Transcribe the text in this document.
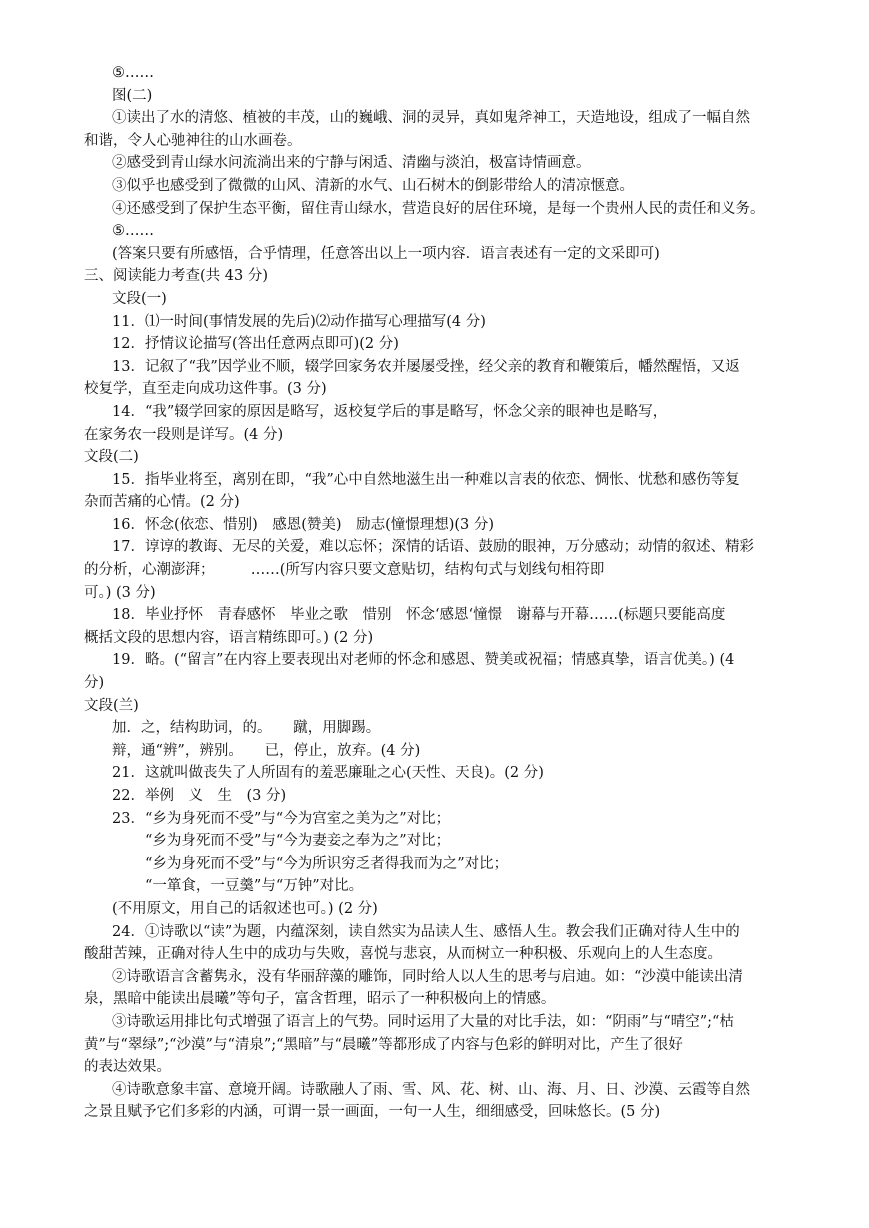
⑤……
图(二)
①读出了水的清悠、植被的丰茂，山的巍峨、洞的灵异，真如鬼斧神工，天造地设，组成了一幅自然
和谐，令人心驰神往的山水画卷。
②感受到青山绿水问流淌出来的宁静与闲适、清幽与淡泊，极富诗情画意。
③似乎也感受到了微微的山风、清新的水气、山石树木的倒影带给人的清凉惬意。
④还感受到了保护生态平衡，留住青山绿水，营造良好的居住环境，是每一个贵州人民的责任和义务。
⑤……
(答案只要有所感悟，合乎情理，任意答出以上一项内容．语言表述有一定的文采即可)
三、阅读能力考查(共 43 分)
文段(一)
11．⑴一时间(事情发展的先后)⑵动作描写心理描写(4 分)
12．抒情议论描写(答出任意两点即可)(2 分)
13．记叙了“我”因学业不顺，辍学回家务农并屡屡受挫，经父亲的教育和鞭策后，幡然醒悟，又返
校复学，直至走向成功这件事。(3 分)
14．“我”辍学回家的原因是略写，返校复学后的事是略写，怀念父亲的眼神也是略写，
在家务农一段则是详写。(4 分)
文段(二)
15．指毕业将至，离别在即，“我”心中自然地滋生出一种难以言表的依恋、惆怅、忧愁和感伤等复
杂而苦痛的心情。(2 分)
16．怀念(依恋、惜别)　感恩(赞美)　励志(憧憬理想)(3 分)
17．谆谆的教诲、无尽的关爱，难以忘怀；深情的话语、鼓励的眼神，万分感动；动情的叙述、精彩
的分析，心潮澎湃；　　　……(所写内容只要文意贴切，结构句式与划线句相符即
可。) (3 分)
18．毕业抒怀　青春感怀　毕业之歌　惜别　怀念‘感恩‘憧憬　谢幕与开幕……(标题只要能高度
概括文段的思想内容，语言精练即可。) (2 分)
19．略。(“留言”在内容上要表现出对老师的怀念和感恩、赞美或祝福；情感真挚，语言优美。) (4
分)
文段(兰)
加．之，结构助词，的。　　蹴，用脚踢。
辩，通“辨”，辨别。　　已，停止，放弃。(4 分)
21．这就叫做丧失了人所固有的羞恶廉耻之心(天性、天良)。(2 分)
22．举例　义　生　(3 分)
23．“乡为身死而不受”与“今为宫室之美为之”对比；
“乡为身死而不受”与“今为妻妾之奉为之”对比；
“乡为身死而不受”与“今为所识穷乏者得我而为之”对比；
“一箪食，一豆羹”与“万钟”对比。
(不用原文，用自己的话叙述也可。) (2 分)
24．①诗歌以“读”为题，内蕴深刻，读自然实为品读人生、感悟人生。教会我们正确对待人生中的
酸甜苦辣，正确对待人生中的成功与失败，喜悦与悲哀，从而树立一种积极、乐观向上的人生态度。
②诗歌语言含蓄隽永，没有华丽辞藻的雕饰，同时给人以人生的思考与启迪。如：“沙漠中能读出清
泉，黑暗中能读出晨曦”等句子，富含哲理，昭示了一种积极向上的情感。
③诗歌运用排比句式增强了语言上的气势。同时运用了大量的对比手法，如：“阴雨”与“晴空”;“枯
黄”与“翠绿”;“沙漠”与“清泉”;“黑暗”与“晨曦”等都形成了内容与色彩的鲜明对比，产生了很好
的表达效果。
④诗歌意象丰富、意境开阔。诗歌融人了雨、雪、风、花、树、山、海、月、日、沙漠、云霞等自然
之景且赋予它们多彩的内涵，可谓一景一画面，一句一人生，细细感受，回味悠长。(5 分)
